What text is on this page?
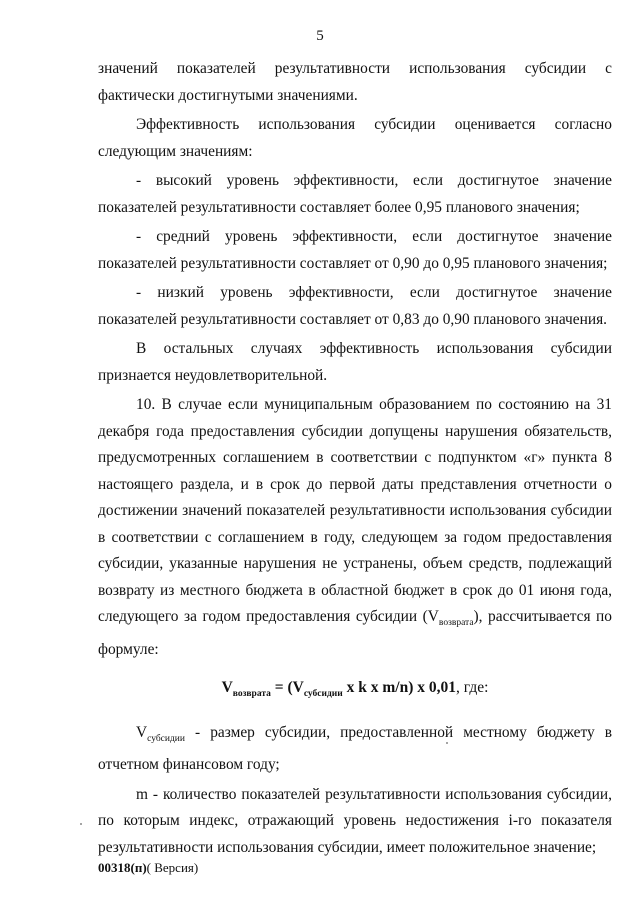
5

значений показателей результативности использования субсидии с фактически достигнутыми значениями.

Эффективность использования субсидии оценивается согласно следующим значениям:

- высокий уровень эффективности, если достигнутое значение показателей результативности составляет более 0,95 планового значения;

- средний уровень эффективности, если достигнутое значение показателей результативности составляет от 0,90 до 0,95 планового значения;

- низкий уровень эффективности, если достигнутое значение показателей результативности составляет от 0,83 до 0,90 планового значения.

В остальных случаях эффективность использования субсидии признается неудовлетворительной.

10. В случае если муниципальным образованием по состоянию на 31 декабря года предоставления субсидии допущены нарушения обязательств, предусмотренных соглашением в соответствии с подпунктом «г» пункта 8 настоящего раздела, и в срок до первой даты представления отчетности о достижении значений показателей результативности использования субсидии в соответствии с соглашением в году, следующем за годом предоставления субсидии, указанные нарушения не устранены, объем средств, подлежащий возврату из местного бюджета в областной бюджет в срок до 01 июня года, следующего за годом предоставления субсидии $(V_{возврата})$, рассчитывается по формуле:

$V_{возврата} = (V_{субсидии}$ x k x m/n) x 0,01, где:

$V_{субсидии}$ - размер субсидии, предоставленной местному бюджету в отчетном финансовом году;

m - количество показателей результативности использования субсидии, по которым индекс, отражающий уровень недостижения i-го показателя результативности использования субсидии, имеет положительное значение;

00318(п)( Версия)
